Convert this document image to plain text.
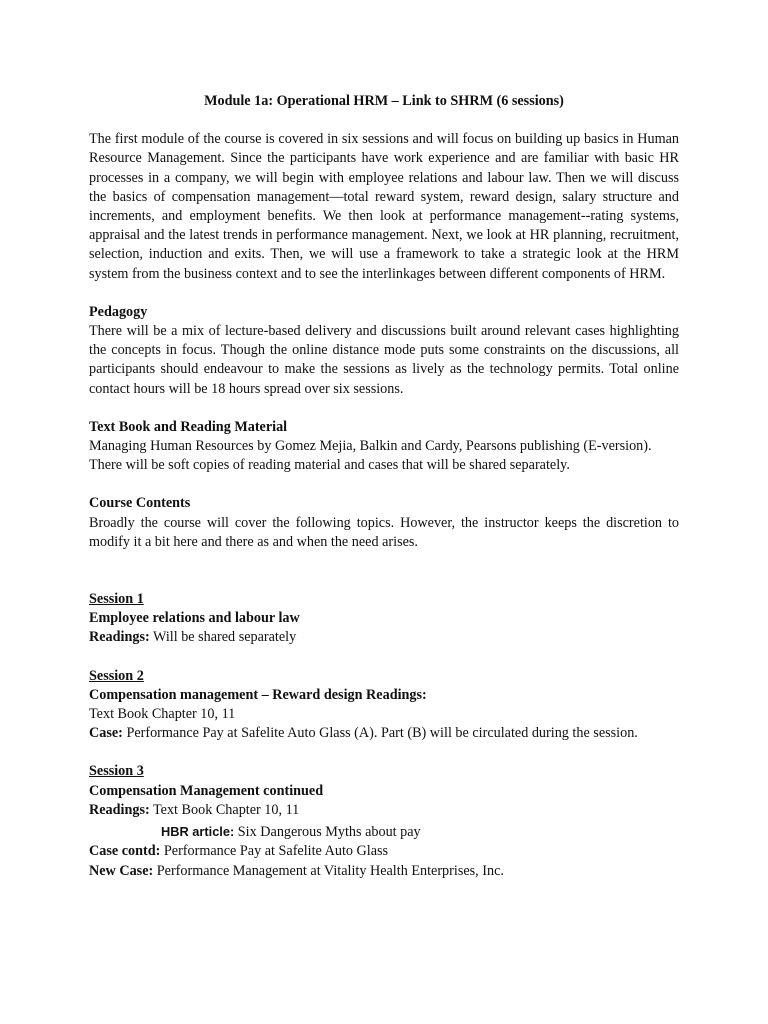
Module 1a: Operational HRM – Link to SHRM (6 sessions)

The first module of the course is covered in six sessions and will focus on building up basics in Human Resource Management. Since the participants have work experience and are familiar with basic HR processes in a company, we will begin with employee relations and labour law. Then we will discuss the basics of compensation management—total reward system, reward design, salary structure and increments, and employment benefits. We then look at performance management--rating systems, appraisal and the latest trends in performance management. Next, we look at HR planning, recruitment, selection, induction and exits. Then, we will use a framework to take a strategic look at the HRM system from the business context and to see the interlinkages between different components of HRM.

Pedagogy

There will be a mix of lecture-based delivery and discussions built around relevant cases highlighting the concepts in focus. Though the online distance mode puts some constraints on the discussions, all participants should endeavour to make the sessions as lively as the technology permits. Total online contact hours will be 18 hours spread over six sessions.

Text Book and Reading Material

Managing Human Resources by Gomez Mejia, Balkin and Cardy, Pearsons publishing (E-version).

There will be soft copies of reading material and cases that will be shared separately.

Course Contents

Broadly the course will cover the following topics. However, the instructor keeps the discretion to modify it a bit here and there as and when the need arises.

Session 1

Employee relations and labour law

Readings: Will be shared separately

Session 2

Compensation management – Reward design Readings:

Text Book Chapter 10, 11

Case: Performance Pay at Safelite Auto Glass (A). Part (B) will be circulated during the session.

Session 3

Compensation Management continued

Readings: Text Book Chapter 10, 11

HBR article: Six Dangerous Myths about pay

Case contd: Performance Pay at Safelite Auto Glass

New Case: Performance Management at Vitality Health Enterprises, Inc.
